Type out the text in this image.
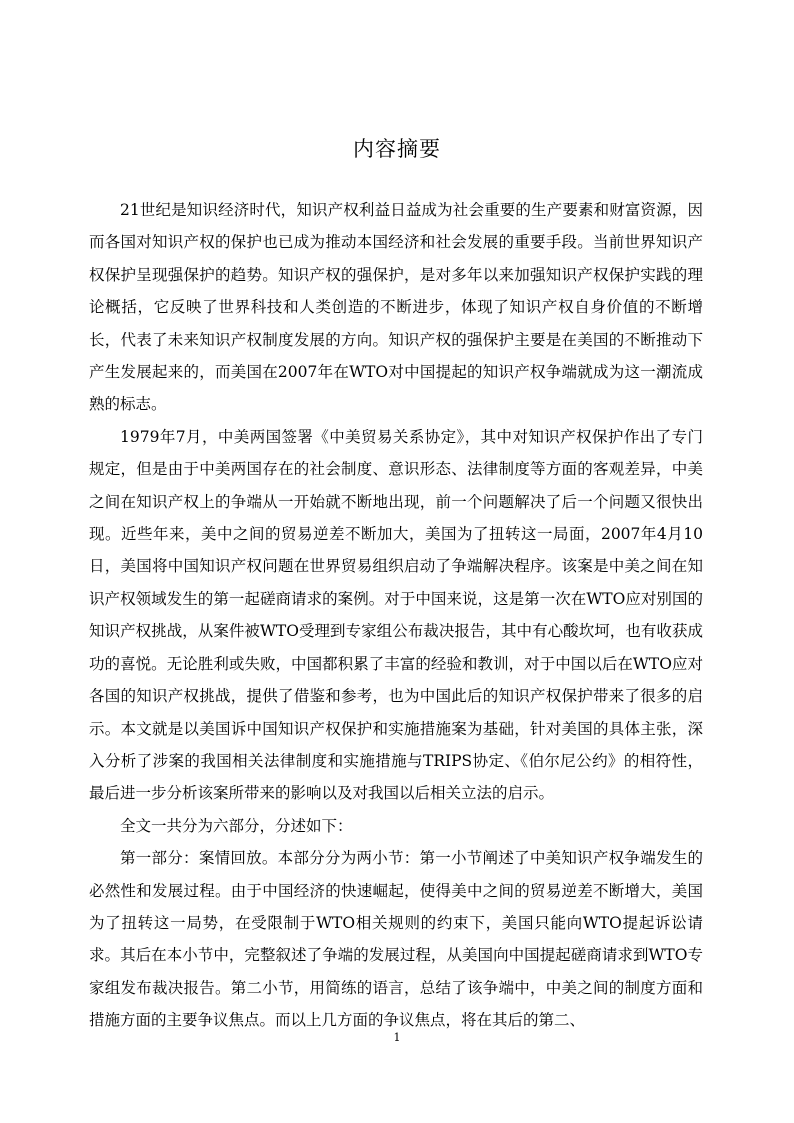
内容摘要

21世纪是知识经济时代，知识产权利益日益成为社会重要的生产要素和财富资源，因而各国对知识产权的保护也已成为推动本国经济和社会发展的重要手段。当前世界知识产权保护呈现强保护的趋势。知识产权的强保护，是对多年以来加强知识产权保护实践的理论概括，它反映了世界科技和人类创造的不断进步，体现了知识产权自身价值的不断增长，代表了未来知识产权制度发展的方向。知识产权的强保护主要是在美国的不断推动下产生发展起来的，而美国在2007年在WTO对中国提起的知识产权争端就成为这一潮流成熟的标志。

1979年7月，中美两国签署《中美贸易关系协定》，其中对知识产权保护作出了专门规定，但是由于中美两国存在的社会制度、意识形态、法律制度等方面的客观差异，中美之间在知识产权上的争端从一开始就不断地出现，前一个问题解决了后一个问题又很快出现。近些年来，美中之间的贸易逆差不断加大，美国为了扭转这一局面，2007年4月10日，美国将中国知识产权问题在世界贸易组织启动了争端解决程序。该案是中美之间在知识产权领域发生的第一起磋商请求的案例。对于中国来说，这是第一次在WTO应对别国的知识产权挑战，从案件被WTO受理到专家组公布裁决报告，其中有心酸坎坷，也有收获成功的喜悦。无论胜利或失败，中国都积累了丰富的经验和教训，对于中国以后在WTO应对各国的知识产权挑战，提供了借鉴和参考，也为中国此后的知识产权保护带来了很多的启示。本文就是以美国诉中国知识产权保护和实施措施案为基础，针对美国的具体主张，深入分析了涉案的我国相关法律制度和实施措施与TRIPS协定、《伯尔尼公约》的相符性，最后进一步分析该案所带来的影响以及对我国以后相关立法的启示。

全文一共分为六部分，分述如下：

第一部分：案情回放。本部分分为两小节：第一小节阐述了中美知识产权争端发生的必然性和发展过程。由于中国经济的快速崛起，使得美中之间的贸易逆差不断增大，美国为了扭转这一局势，在受限制于WTO相关规则的约束下，美国只能向WTO提起诉讼请求。其后在本小节中，完整叙述了争端的发展过程，从美国向中国提起磋商请求到WTO专家组发布裁决报告。第二小节，用简练的语言，总结了该争端中，中美之间的制度方面和措施方面的主要争议焦点。而以上几方面的争议焦点，将在其后的第二、

1
